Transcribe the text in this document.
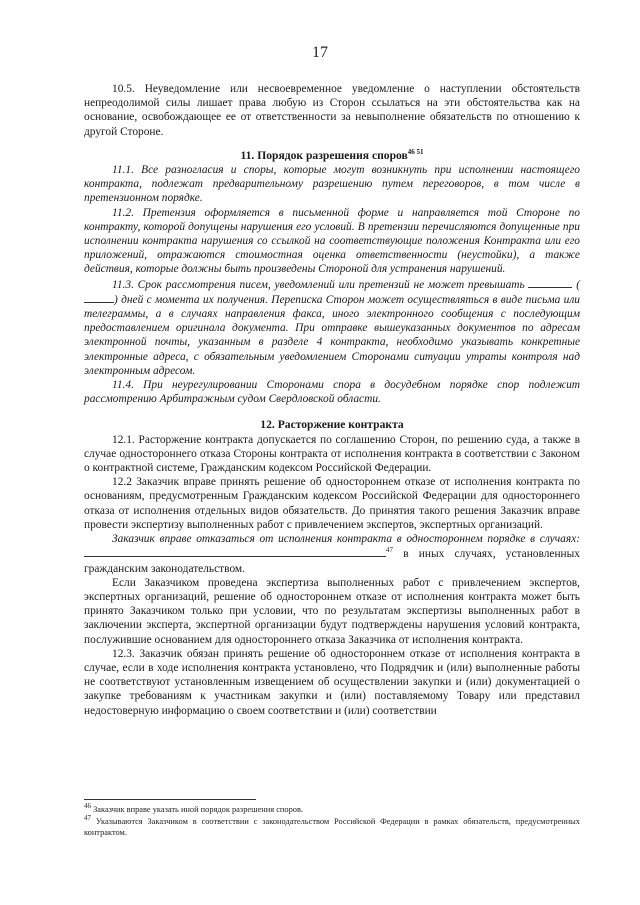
17

10.5. Неуведомление или несвоевременное уведомление о наступлении обстоятельств непреодолимой силы лишает права любую из Сторон ссылаться на эти обстоятельства как на основание, освобождающее ее от ответственности за невыполнение обязательств по отношению к другой Стороне.

11. Порядок разрешения споров$^{46 51}$

11.1. Все разногласия и споры, которые могут возникнуть при исполнении настоящего контракта, подлежат предварительному разрешению путем переговоров, в том числе в претензионном порядке.

11.2. Претензия оформляется в письменной форме и направляется той Стороне по контракту, которой допущены нарушения его условий. В претензии перечисляются допущенные при исполнении контракта нарушения со ссылкой на соответствующие положения Контракта или его приложений, отражаются стоимостная оценка ответственности (неустойки), а также действия, которые должны быть произведены Стороной для устранения нарушений.

11.3. Срок рассмотрения писем, уведомлений или претензий не может превышать	() дней с момента их получения. Переписка Сторон может осуществляться в виде письма или телеграммы, а в случаях направления факса, иного электронного сообщения с последующим предоставлением оригинала документа. При отправке вышеуказанных документов по адресам электронной почты, указанным в разделе 4 контракта, необходимо указывать конкретные электронные адреса, с обязательным уведомлением Сторонами ситуации утраты контроля над электронным адресом.

11.4. При неурегулировании Сторонами спора в досудебном порядке спор подлежит рассмотрению Арбитражным судом Свердловской области.

12. Расторжение контракта

12.1. Расторжение контракта допускается по соглашению Сторон, по решению суда, а также в случае одностороннего отказа Стороны контракта от исполнения контракта в соответствии с Законом о контрактной системе, Гражданским кодексом Российской Федерации.

12.2 Заказчик вправе принять решение об одностороннем отказе от исполнения контракта по основаниям, предусмотренным Гражданским кодексом Российской Федерации для одностороннего отказа от исполнения отдельных видов обязательств. До принятия такого решения Заказчик вправе провести экспертизу выполненных работ с привлечением экспертов, экспертных организаций.

Заказчик вправе отказаться от исполнения контракта в одностороннем порядке в случаях: $^{47}$ в иных случаях, установленных гражданским законодательством.

Если Заказчиком проведена экспертиза выполненных работ с привлечением экспертов, экспертных организаций, решение об одностороннем отказе от исполнения контракта может быть принято Заказчиком только при условии, что по результатам экспертизы выполненных работ в заключении эксперта, экспертной организации будут подтверждены нарушения условий контракта, послужившие основанием для одностороннего отказа Заказчика от исполнения контракта.

12.3. Заказчик обязан принять решение об одностороннем отказе от исполнения контракта в случае, если в ходе исполнения контракта установлено, что Подрядчик и (или) выполненные работы не соответствуют установленным извещением об осуществлении закупки и (или) документацией о закупке требованиям к участникам закупки и (или) поставляемому Товару или представил недостоверную информацию о своем соответствии и (или) соответствии

$^{46}$ Заказчик вправе указать иной порядок разрешения споров.

$^{47}$ Указываются Заказчиком в соответствии с законодательством Российской Федерации в рамках обязательств, предусмотренных контрактом.
